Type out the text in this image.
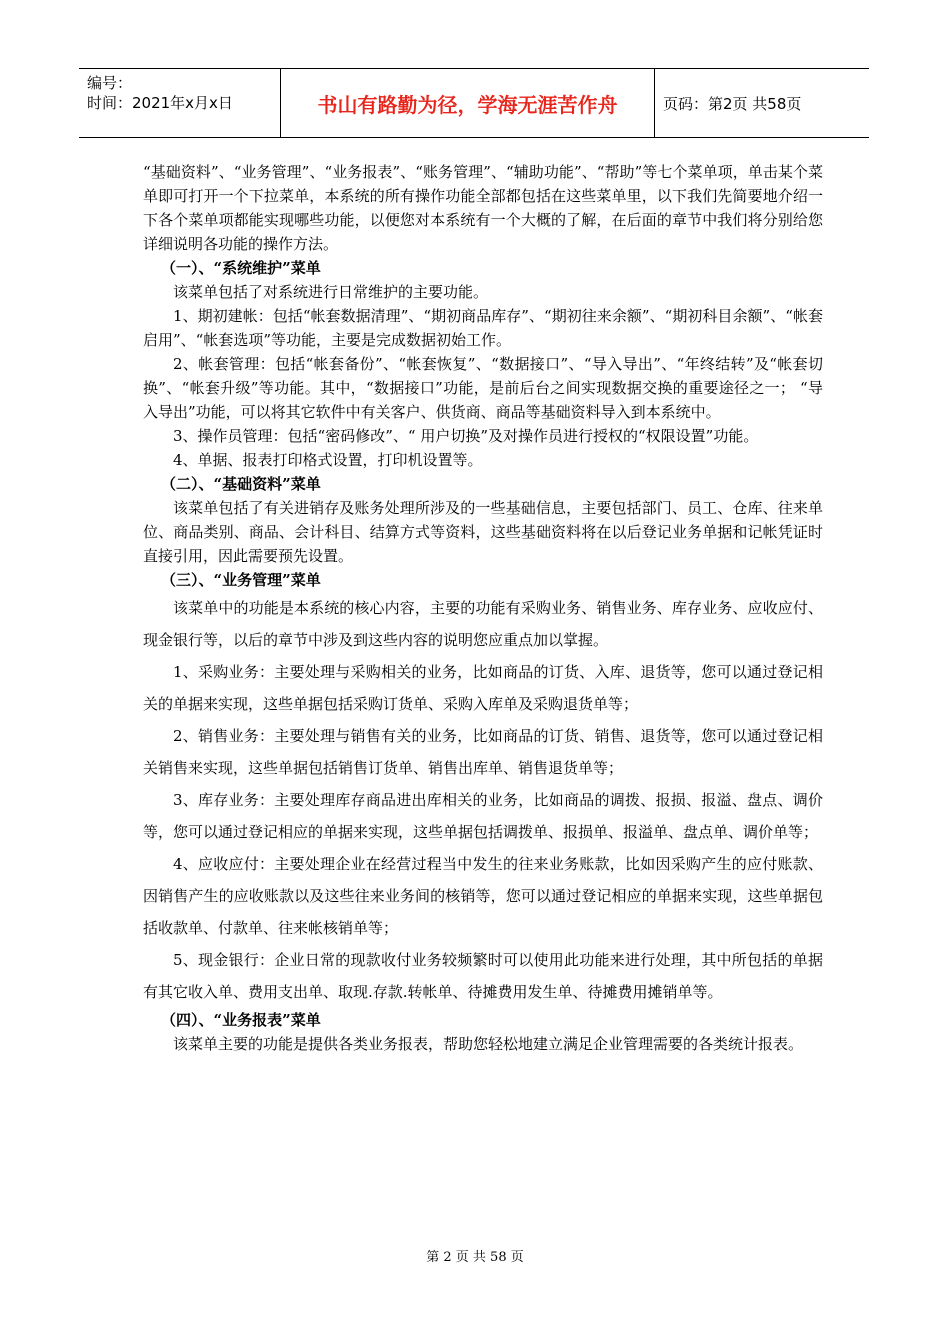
编号：
时间：2021年x月x日	书山有路勤为径，学海无涯苦作舟	页码：第2页 共58页

“基础资料”、“业务管理”、“业务报表”、“账务管理”、“辅助功能”、“帮助”等七个菜单项，单击某个菜单即可打开一个下拉菜单，本系统的所有操作功能全部都包括在这些菜单里，以下我们先简要地介绍一下各个菜单项都能实现哪些功能，以便您对本系统有一个大概的了解，在后面的章节中我们将分别给您详细说明各功能的操作方法。

（一）、“系统维护”菜单

该菜单包括了对系统进行日常维护的主要功能。

1、期初建帐：包括“帐套数据清理”、“期初商品库存”、“期初往来余额”、“期初科目余额”、“帐套启用”、“帐套选项”等功能，主要是完成数据初始工作。

2、帐套管理：包括“帐套备份”、“帐套恢复”、“数据接口”、“导入导出”、“年终结转”及“帐套切换”、“帐套升级”等功能。其中，“数据接口”功能，是前后台之间实现数据交换的重要途径之一； “导入导出”功能，可以将其它软件中有关客户、供货商、商品等基础资料导入到本系统中。

3、操作员管理：包括“密码修改”、“ 用户切换”及对操作员进行授权的“权限设置”功能。

4、单据、报表打印格式设置，打印机设置等。

（二）、“基础资料”菜单

该菜单包括了有关进销存及账务处理所涉及的一些基础信息，主要包括部门、员工、仓库、往来单位、商品类别、商品、会计科目、结算方式等资料，这些基础资料将在以后登记业务单据和记帐凭证时直接引用，因此需要预先设置。

（三）、“业务管理”菜单

该菜单中的功能是本系统的核心内容，主要的功能有采购业务、销售业务、库存业务、应收应付、现金银行等，以后的章节中涉及到这些内容的说明您应重点加以掌握。

1、采购业务：主要处理与采购相关的业务，比如商品的订货、入库、退货等，您可以通过登记相关的单据来实现，这些单据包括采购订货单、采购入库单及采购退货单等；

2、销售业务：主要处理与销售有关的业务，比如商品的订货、销售、退货等，您可以通过登记相关销售来实现，这些单据包括销售订货单、销售出库单、销售退货单等；

3、库存业务：主要处理库存商品进出库相关的业务，比如商品的调拨、报损、报溢、盘点、调价等，您可以通过登记相应的单据来实现，这些单据包括调拨单、报损单、报溢单、盘点单、调价单等；

4、应收应付：主要处理企业在经营过程当中发生的往来业务账款，比如因采购产生的应付账款、因销售产生的应收账款以及这些往来业务间的核销等，您可以通过登记相应的单据来实现，这些单据包括收款单、付款单、往来帐核销单等；

5、现金银行：企业日常的现款收付业务较频繁时可以使用此功能来进行处理，其中所包括的单据有其它收入单、费用支出单、取现.存款.转帐单、待摊费用发生单、待摊费用摊销单等。

（四）、“业务报表”菜单

该菜单主要的功能是提供各类业务报表，帮助您轻松地建立满足企业管理需要的各类统计报表。

第 2 页 共 58 页
